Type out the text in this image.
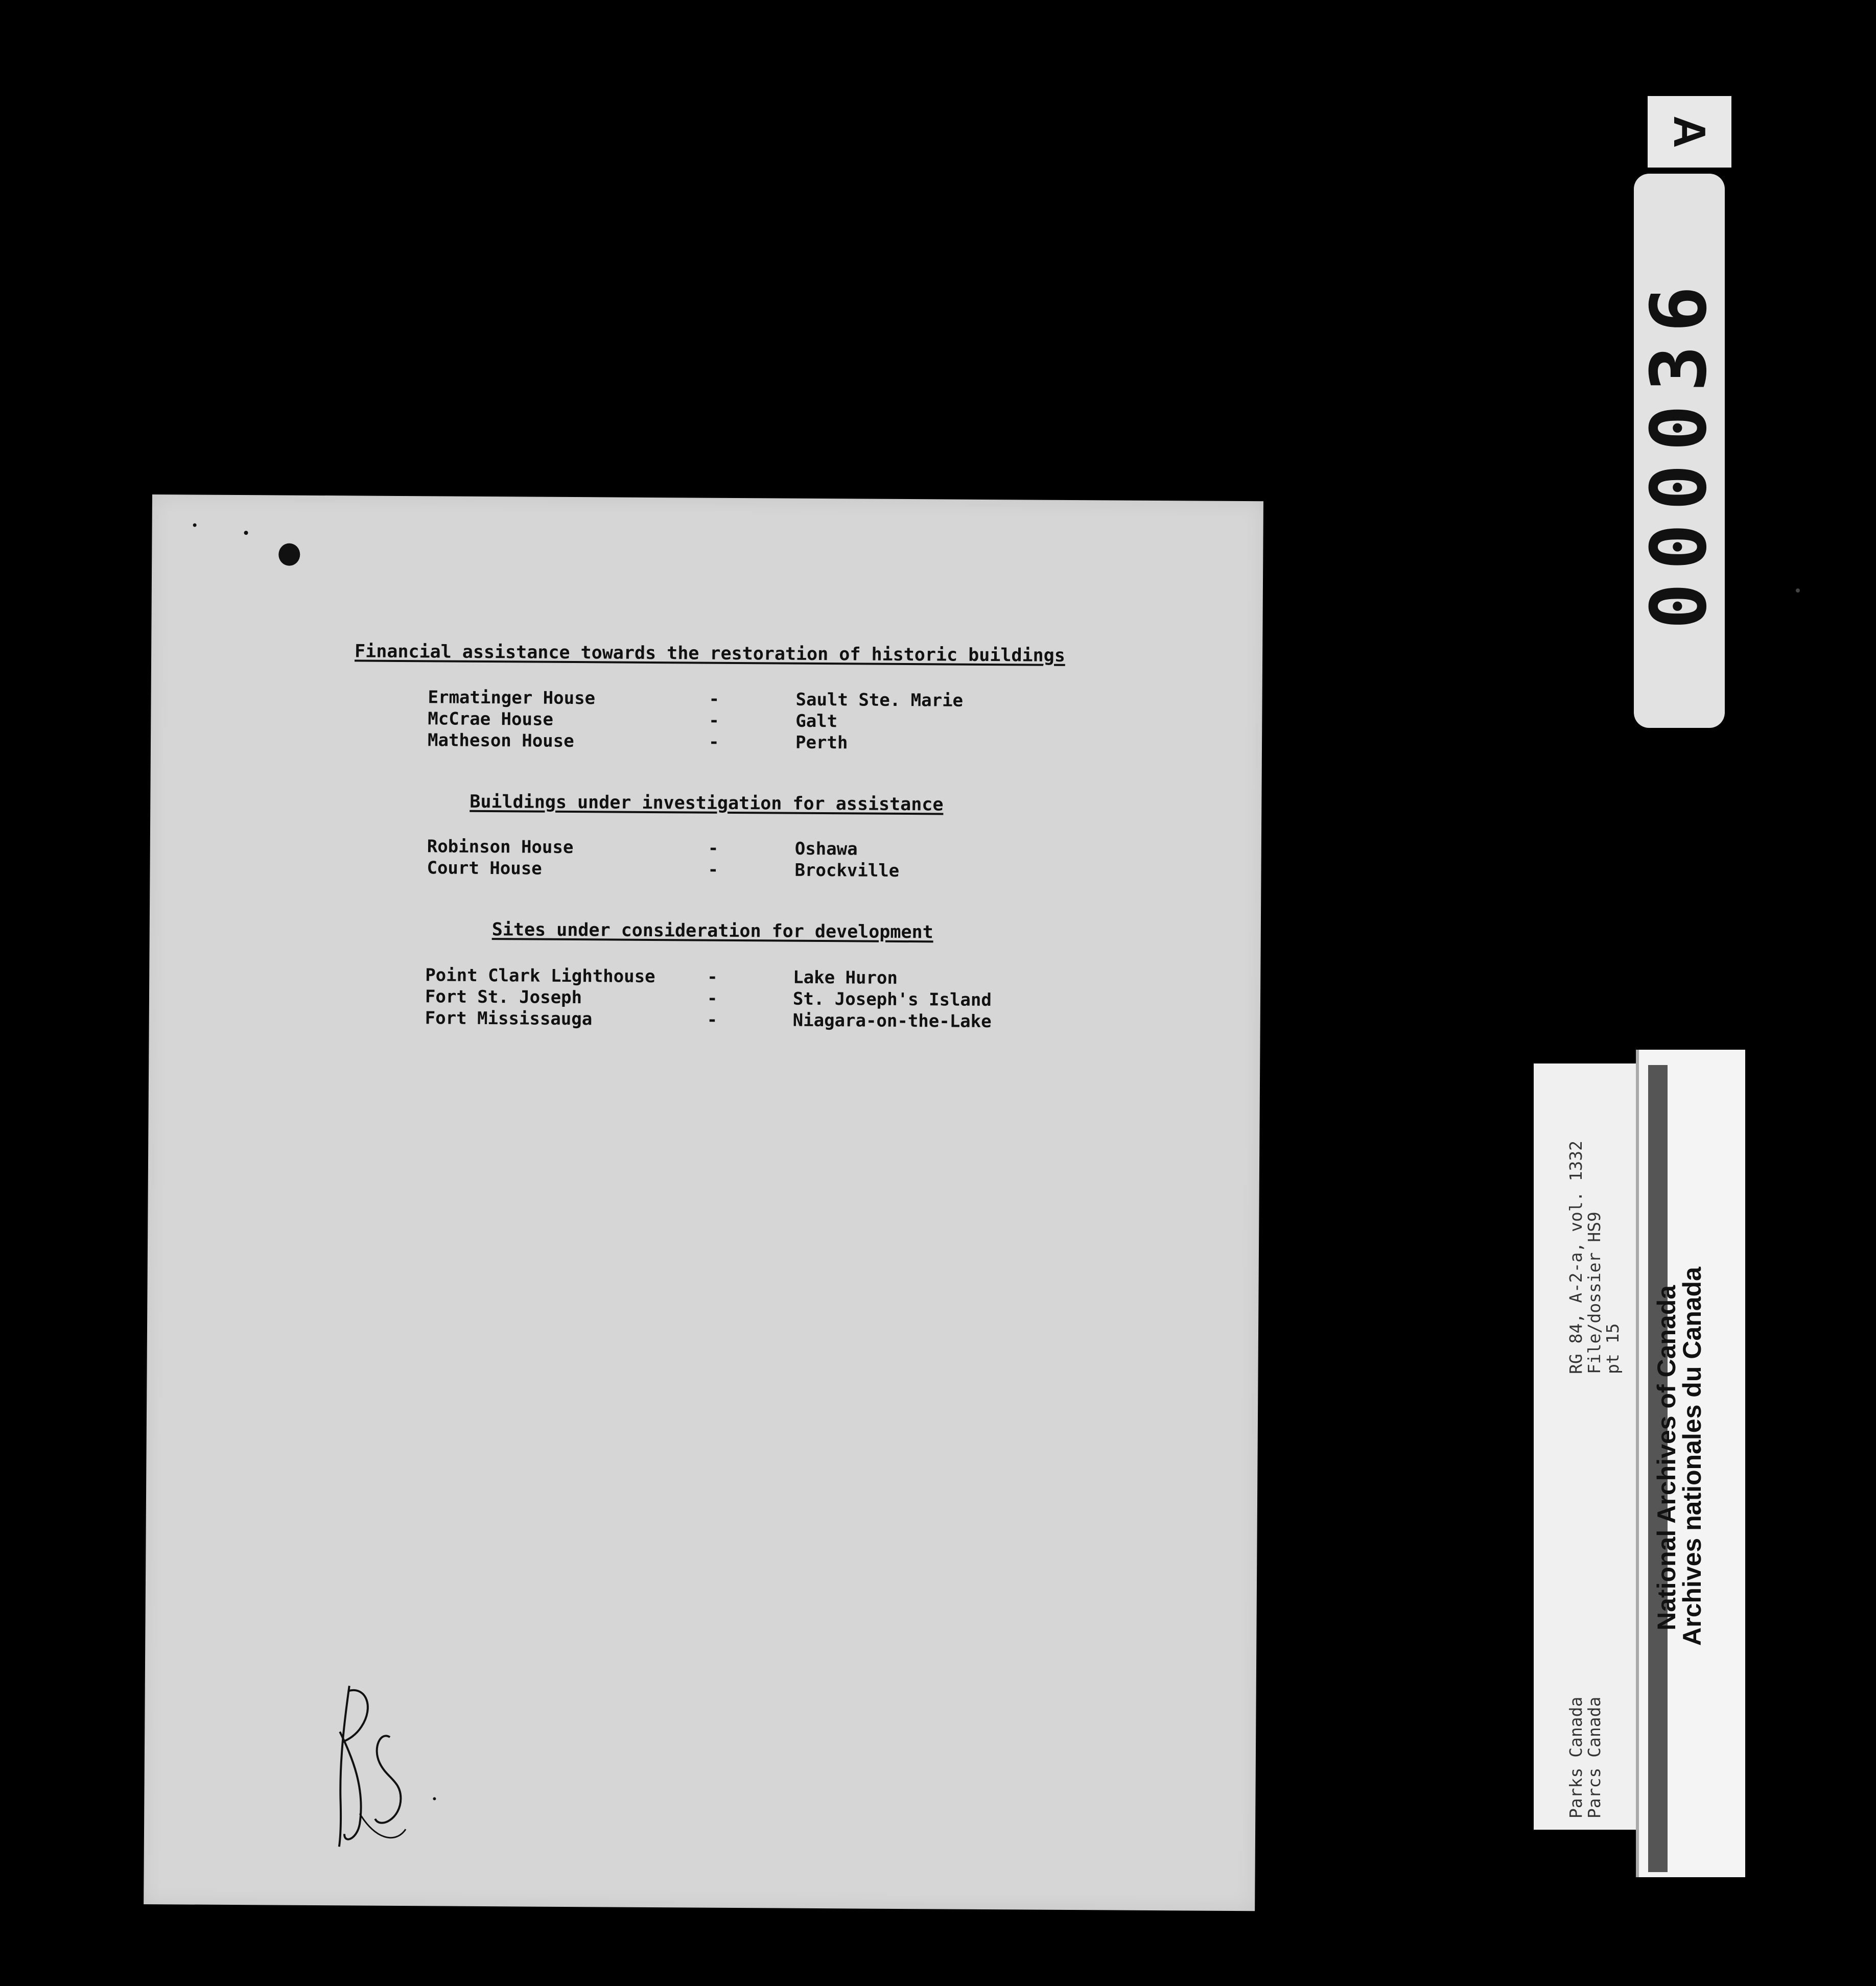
Financial assistance towards the restoration of historic buildings
Ermatinger House	-	Sault Ste. Marie
McCrae House	-	Galt
Matheson House	-	Perth
Buildings under investigation for assistance
Robinson House	-	Oshawa
Court House	-	Brockville
Sites under consideration for development
Point Clark Lighthouse	-	Lake Huron
Fort St. Joseph	-	St. Joseph's Island
Fort Mississauga	-	Niagara-on-the-Lake
A
000036
RG 84, A-2-a, vol. 1332
File/dossier HS9
pt 15
Parks Canada
Parcs Canada
National Archives of Canada
Archives nationales du Canada
